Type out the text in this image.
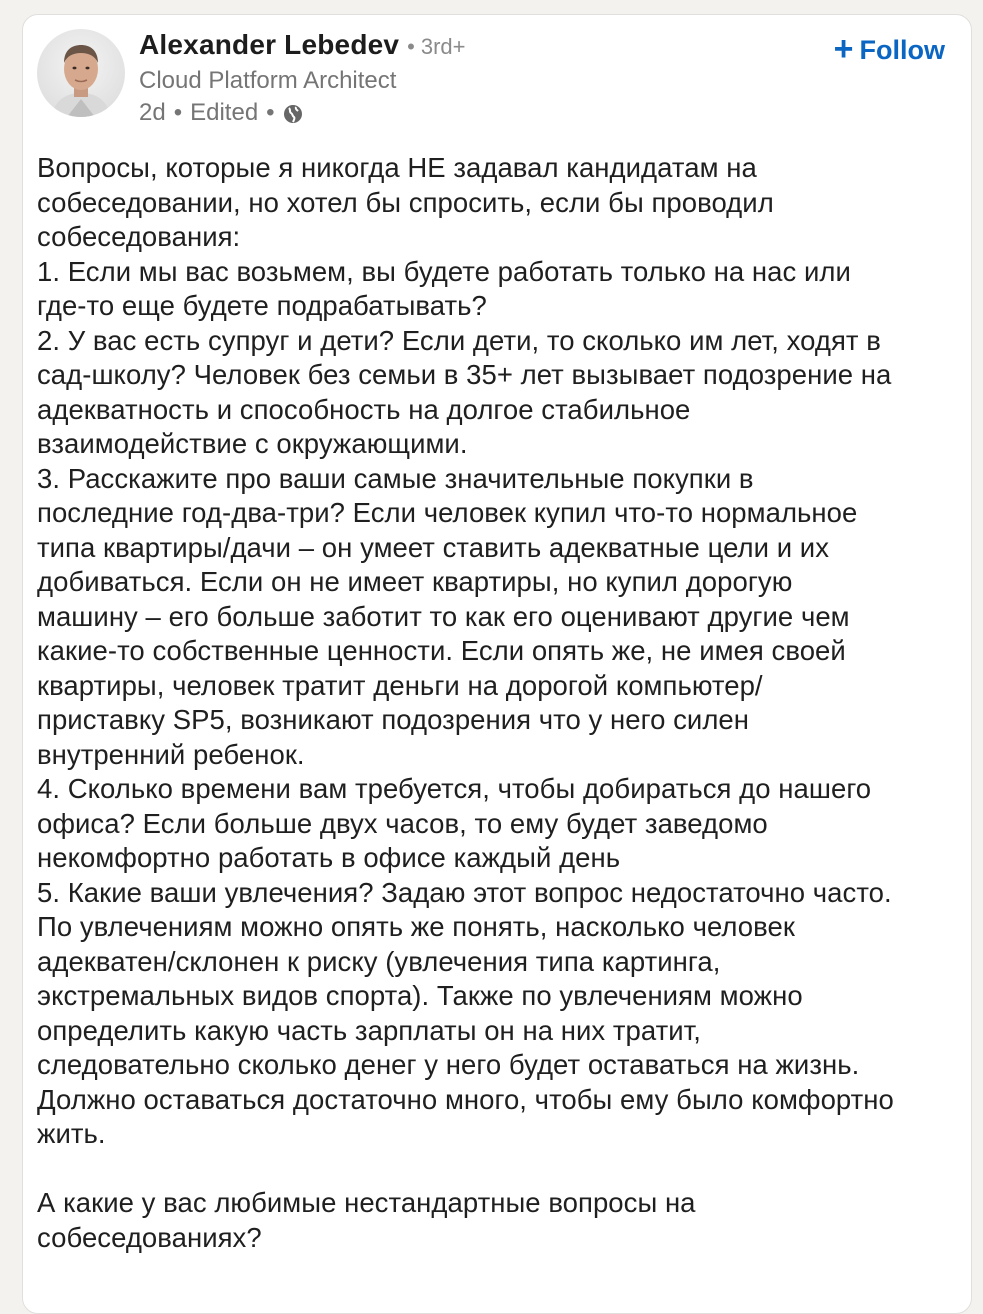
Alexander Lebedev • 3rd+
Cloud Platform Architect
2d • Edited •
+ Follow
Вопросы, которые я никогда НЕ задавал кандидатам на
собеседовании, но хотел бы спросить, если бы проводил
собеседования:
1. Если мы вас возьмем, вы будете работать только на нас или
где-то еще будете подрабатывать?
2. У вас есть супруг и дети? Если дети, то сколько им лет, ходят в
сад-школу? Человек без семьи в 35+ лет вызывает подозрение на
адекватность и способность на долгое стабильное
взаимодействие с окружающими.
3. Расскажите про ваши самые значительные покупки в
последние год-два-три? Если человек купил что-то нормальное
типа квартиры/дачи – он умеет ставить адекватные цели и их
добиваться. Если он не имеет квартиры, но купил дорогую
машину – его больше заботит то как его оценивают другие чем
какие-то собственные ценности. Если опять же, не имея своей
квартиры, человек тратит деньги на дорогой компьютер/
приставку SP5, возникают подозрения что у него силен
внутренний ребенок.
4. Сколько времени вам требуется, чтобы добираться до нашего
офиса? Если больше двух часов, то ему будет заведомо
некомфортно работать в офисе каждый день
5. Какие ваши увлечения? Задаю этот вопрос недостаточно часто.
По увлечениям можно опять же понять, насколько человек
адекватен/склонен к риску (увлечения типа картинга,
экстремальных видов спорта). Также по увлечениям можно
определить какую часть зарплаты он на них тратит,
следовательно сколько денег у него будет оставаться на жизнь.
Должно оставаться достаточно много, чтобы ему было комфортно
жить.
А какие у вас любимые нестандартные вопросы на
собеседованиях?
